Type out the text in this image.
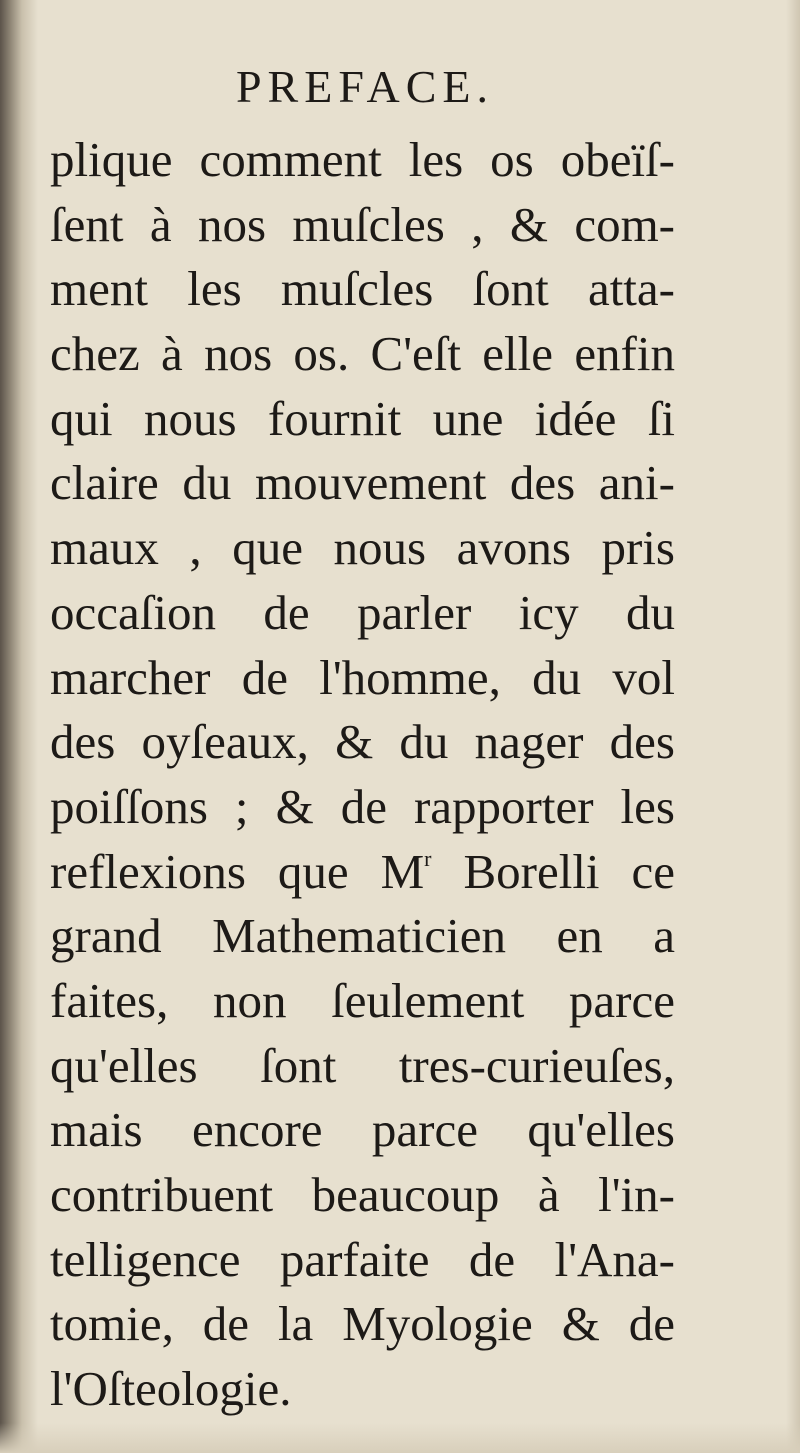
PREFACE.
plique comment les os obeïſ-
ſent à nos muſcles , & com-
ment les muſcles ſont atta-
chez à nos os. C'eſt elle enfin
qui nous fournit une idée ſi
claire du mouvement des ani-
maux , que nous avons pris
occaſion de parler icy du
marcher de l'homme, du vol
des oyſeaux, & du nager des
poiſſons ; & de rapporter les
reflexions que $M^r$ Borelli ce
grand Mathematicien en a
faites, non ſeulement parce
qu'elles ſont tres-curieuſes,
mais encore parce qu'elles
contribuent beaucoup à l'in-
telligence parfaite de l'Ana-
tomie, de la Myologie & de
l'Oſteologie.
